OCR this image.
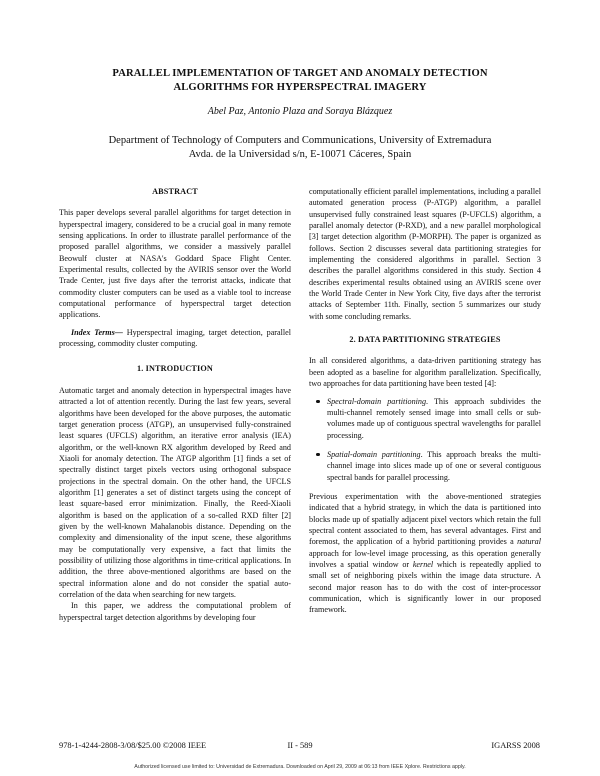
PARALLEL IMPLEMENTATION OF TARGET AND ANOMALY DETECTION
ALGORITHMS FOR HYPERSPECTRAL IMAGERY
Abel Paz, Antonio Plaza and Soraya Blázquez
Department of Technology of Computers and Communications, University of Extremadura
Avda. de la Universidad s/n, E-10071 Cáceres, Spain
ABSTRACT

This paper develops several parallel algorithms for target detection in hyperspectral imagery, considered to be a crucial goal in many remote sensing applications. In order to illustrate parallel performance of the proposed parallel algorithms, we consider a massively parallel Beowulf cluster at NASA's Goddard Space Flight Center. Experimental results, collected by the AVIRIS sensor over the World Trade Center, just five days after the terrorist attacks, indicate that commodity cluster computers can be used as a viable tool to increase computational performance of hyperspectral target detection applications.

Index Terms— Hyperspectral imaging, target detection, parallel processing, commodity cluster computing.

1. INTRODUCTION

Automatic target and anomaly detection in hyperspectral images have attracted a lot of attention recently. During the last few years, several algorithms have been developed for the above purposes, the automatic target generation process (ATGP), an unsupervised fully-constrained least squares (UFCLS) algorithm, an iterative error analysis (IEA) algorithm, or the well-known RX algorithm developed by Reed and Xiaoli for anomaly detection. The ATGP algorithm [1] finds a set of spectrally distinct target pixels vectors using orthogonal subspace projections in the spectral domain. On the other hand, the UFCLS algorithm [1] generates a set of distinct targets using the concept of least square-based error minimization. Finally, the Reed-Xiaoli algorithm is based on the application of a so-called RXD filter [2] given by the well-known Mahalanobis distance. Depending on the complexity and dimensionality of the input scene, these algorithms may be computationally very expensive, a fact that limits the possibility of utilizing those algorithms in time-critical applications. In addition, the three above-mentioned algorithms are based on the spectral information alone and do not consider the spatial auto-correlation of the data when searching for new targets.

In this paper, we address the computational problem of hyperspectral target detection algorithms by developing four

computationally efficient parallel implementations, including a parallel automated generation process (P-ATGP) algorithm, a parallel unsupervised fully constrained least squares (P-UFCLS) algorithm, a parallel anomaly detector (P-RXD), and a new parallel morphological [3] target detection algorithm (P-MORPH). The paper is organized as follows. Section 2 discusses several data partitioning strategies for implementing the considered algorithms in parallel. Section 3 describes the parallel algorithms considered in this study. Section 4 describes experimental results obtained using an AVIRIS scene over the World Trade Center in New York City, five days after the terrorist attacks of September 11th. Finally, section 5 summarizes our study with some concluding remarks.

2. DATA PARTITIONING STRATEGIES

In all considered algorithms, a data-driven partitioning strategy has been adopted as a baseline for algorithm parallelization. Specifically, two approaches for data partitioning have been tested [4]:

Spectral-domain partitioning. This approach subdivides the multi-channel remotely sensed image into small cells or sub-volumes made up of contiguous spectral wavelengths for parallel processing.
Spatial-domain partitioning. This approach breaks the multi-channel image into slices made up of one or several contiguous spectral bands for parallel processing.

Previous experimentation with the above-mentioned strategies indicated that a hybrid strategy, in which the data is partitioned into blocks made up of spatially adjacent pixel vectors which retain the full spectral content associated to them, has several advantages. First and foremost, the application of a hybrid partitioning provides a natural approach for low-level image processing, as this operation generally involves a spatial window or kernel which is repeatedly applied to small set of neighboring pixels within the image data structure. A second major reason has to do with the cost of inter-processor communication, which is significantly lower in our proposed framework.

978-1-4244-2808-3/08/$25.00 ©2008 IEEE	II - 589	IGARSS 2008
Authorized licensed use limited to: Universidad de Extremadura. Downloaded on April 29, 2009 at 06:13 from IEEE Xplore. Restrictions apply.
